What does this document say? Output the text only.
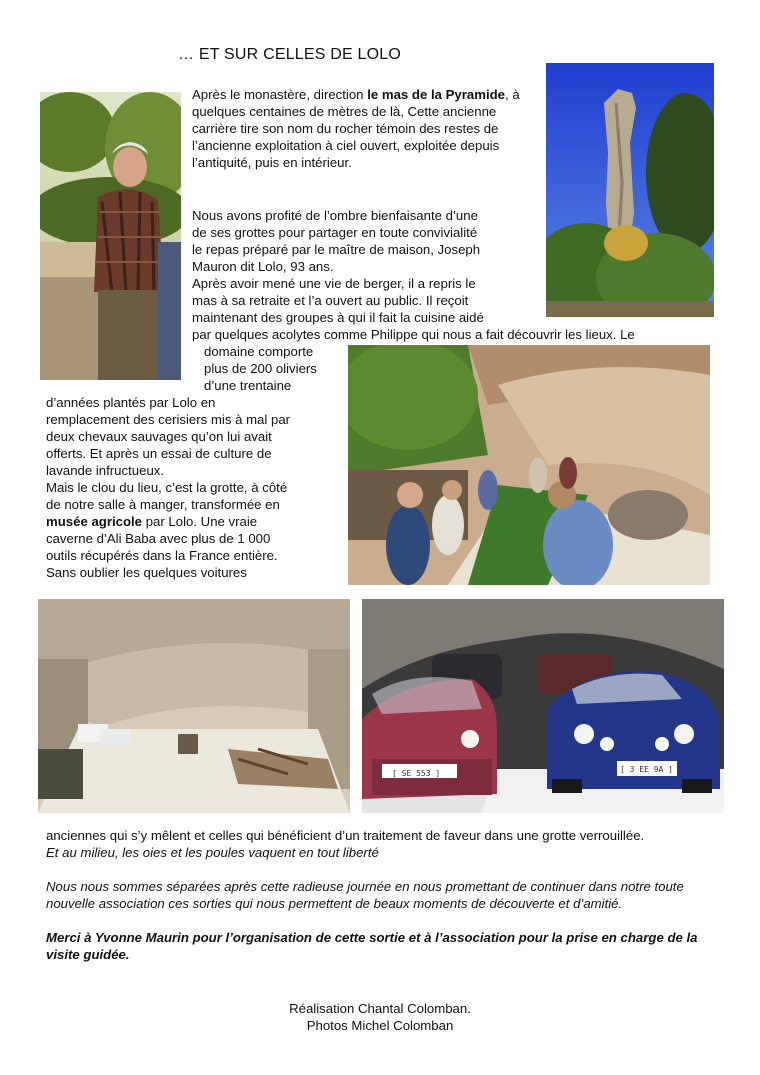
… ET SUR CELLES DE LOLO
[ SE 553 ]	[ 3 EE 9A ]

Après le monastère, direction le mas de la Pyramide, à quelques centaines de mètres de là, Cette ancienne carrière tire son nom du rocher témoin des restes de l’ancienne exploitation à ciel ouvert, exploitée depuis l’antiquité, puis en intérieur.

Nous avons profité de l’ombre bienfaisante d’une
de ses grottes pour partager en toute convivialité
le repas préparé par le maître de maison, Joseph
Mauron dit Lolo, 93 ans.
Après avoir mené une vie de berger, il a repris le
mas à sa retraite et l’a ouvert au public. Il reçoit
maintenant des groupes à qui il fait la cuisine aidé
par quelques acolytes comme Philippe qui nous a fait découvrir les lieux. Le
domaine comporte
plus de 200 oliviers
d’une trentaine
d’années plantés par Lolo en
remplacement des cerisiers mis à mal par
deux chevaux sauvages qu’on lui avait
offerts. Et après un essai de culture de
lavande infructueux.
Mais le clou du lieu, c’est la grotte, à côté
de notre salle à manger, transformée en
musée agricole par Lolo. Une vraie
caverne d’Ali Baba avec plus de 1 000
outils récupérés dans la France entière.
Sans oublier les quelques voitures

anciennes qui s’y mêlent et celles qui bénéficient d’un traitement de faveur dans une grotte verrouillée.

Et au milieu, les oies et les poules vaquent en tout liberté

Nous nous sommes séparées après cette radieuse journée en nous promettant de continuer dans notre toute nouvelle association ces sorties qui nous permettent de beaux moments de découverte et d’amitié.

Merci à Yvonne Maurin pour l’organisation de cette sortie et à l’association pour la prise en charge de la visite guidée.

Réalisation Chantal Colomban.
Photos Michel Colomban
